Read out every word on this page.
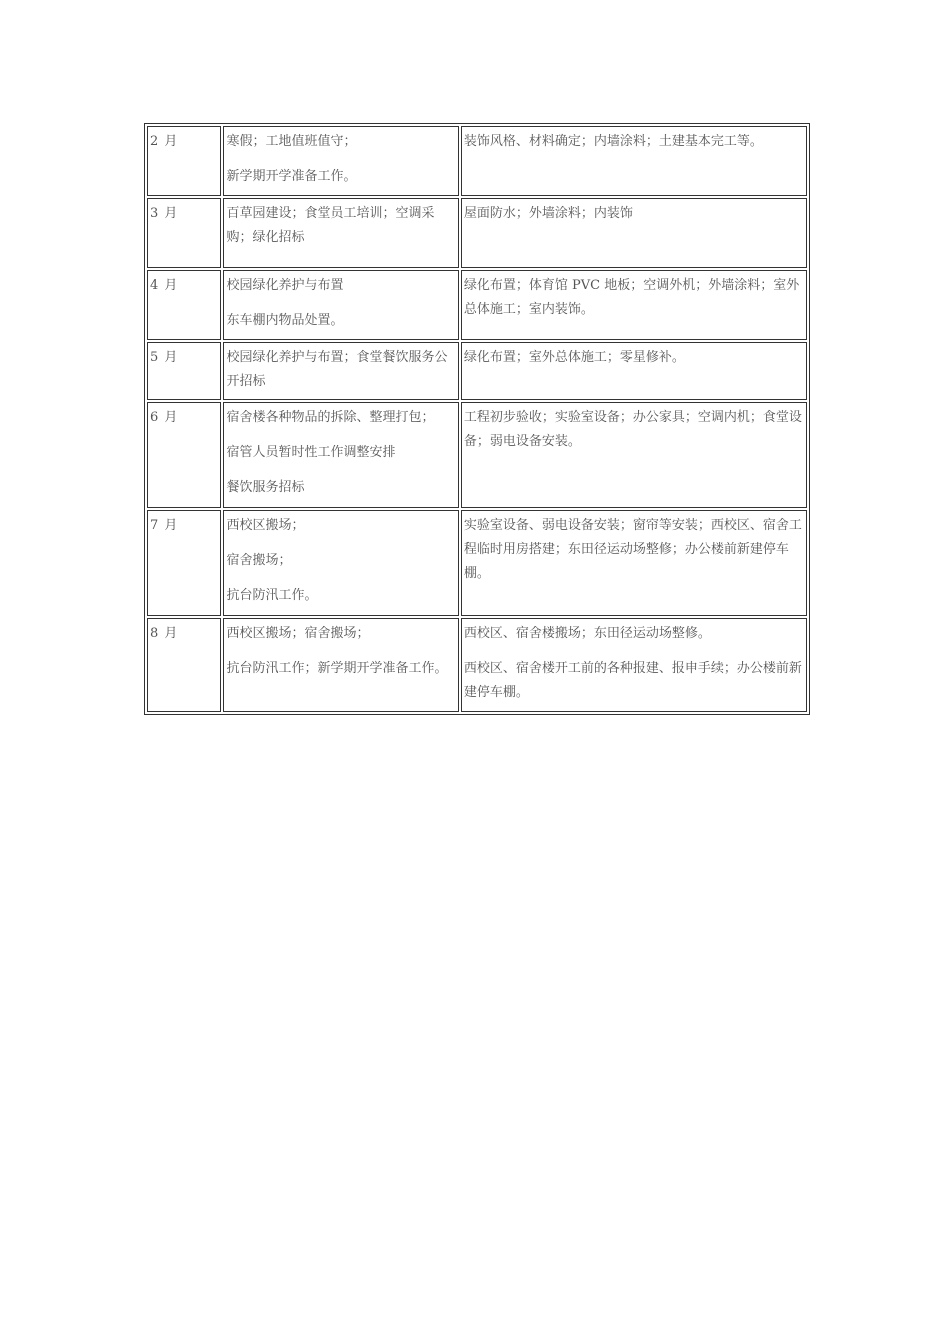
2 月	寒假；工地值班值守；
新学期开学准备工作。	装饰风格、材料确定；内墙涂料；土建基本完工等。

3 月	百草园建设；食堂员工培训；空调采购；绿化招标	屋面防水；外墙涂料；内装饰

4 月	校园绿化养护与布置
东车棚内物品处置。	绿化布置；体育馆 PVC 地板；空调外机；外墙涂料；室外总体施工；室内装饰。

5 月	校园绿化养护与布置；食堂餐饮服务公开招标	绿化布置；室外总体施工；零星修补。

6 月	宿舍楼各种物品的拆除、整理打包；
宿管人员暂时性工作调整安排
餐饮服务招标	工程初步验收；实验室设备；办公家具；空调内机；食堂设备；弱电设备安装。

7 月	西校区搬场；
宿舍搬场；
抗台防汛工作。	实验室设备、弱电设备安装；窗帘等安装；西校区、宿舍工程临时用房搭建；东田径运动场整修；办公楼前新建停车棚。

8 月	西校区搬场；宿舍搬场；
抗台防汛工作；新学期开学准备工作。	西校区、宿舍楼搬场；东田径运动场整修。
西校区、宿舍楼开工前的各种报建、报申手续；办公楼前新建停车棚。
